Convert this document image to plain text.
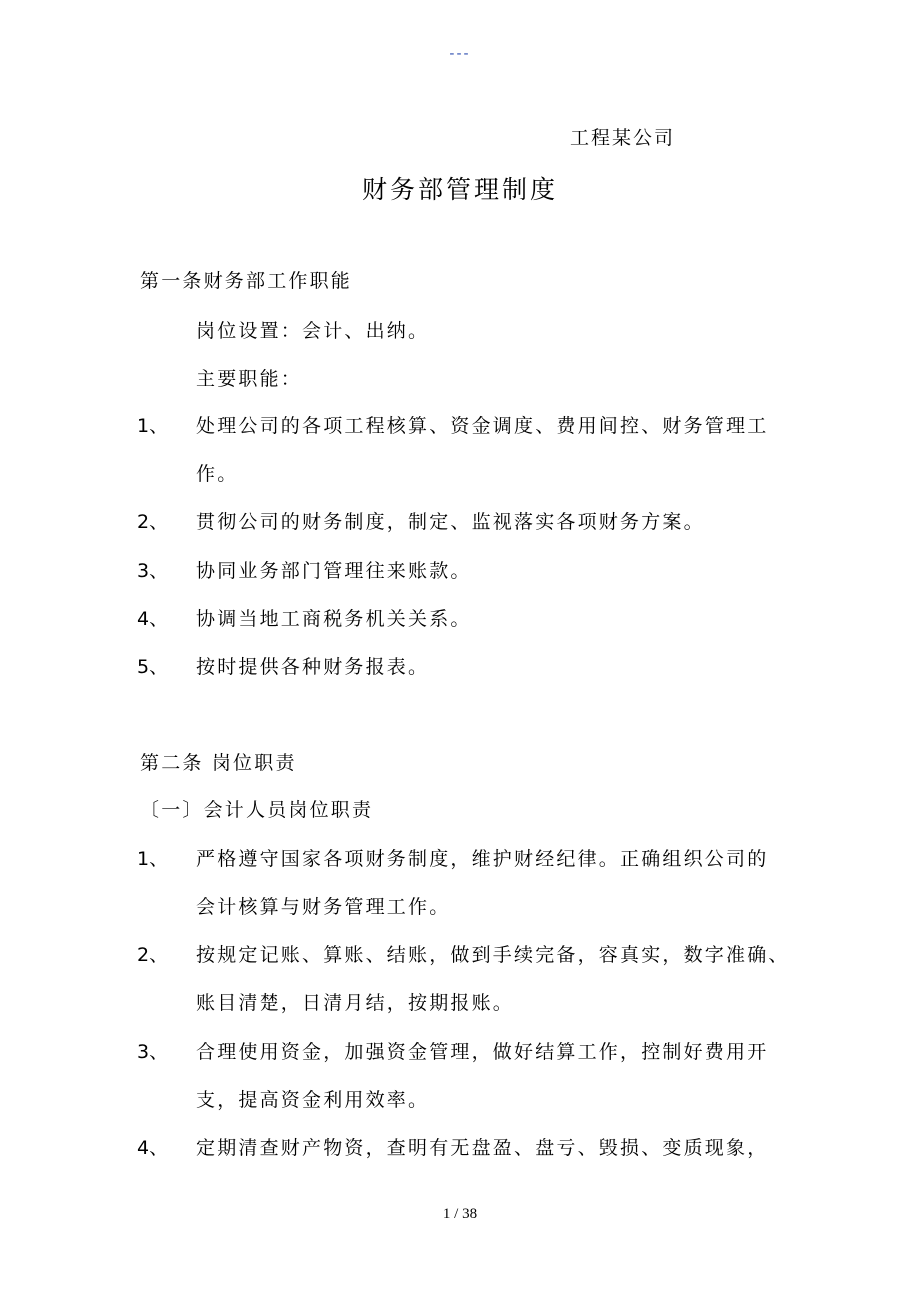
---
工程某公司
财务部管理制度
第一条财务部工作职能
岗位设置：会计、出纳。
主要职能：
1、 处理公司的各项工程核算、资金调度、费用间控、财务管理工
作。
2、 贯彻公司的财务制度，制定、监视落实各项财务方案。
3、 协同业务部门管理往来账款。
4、 协调当地工商税务机关关系。
5、 按时提供各种财务报表。
第二条 岗位职责
〔一〕会计人员岗位职责
1、 严格遵守国家各项财务制度，维护财经纪律。正确组织公司的
会计核算与财务管理工作。
2、 按规定记账、算账、结账，做到手续完备，容真实，数字准确、
账目清楚，日清月结，按期报账。
3、 合理使用资金，加强资金管理，做好结算工作，控制好费用开
支，提高资金利用效率。
4、 定期清查财产物资，查明有无盘盈、盘亏、毁损、变质现象，
1 / 38
